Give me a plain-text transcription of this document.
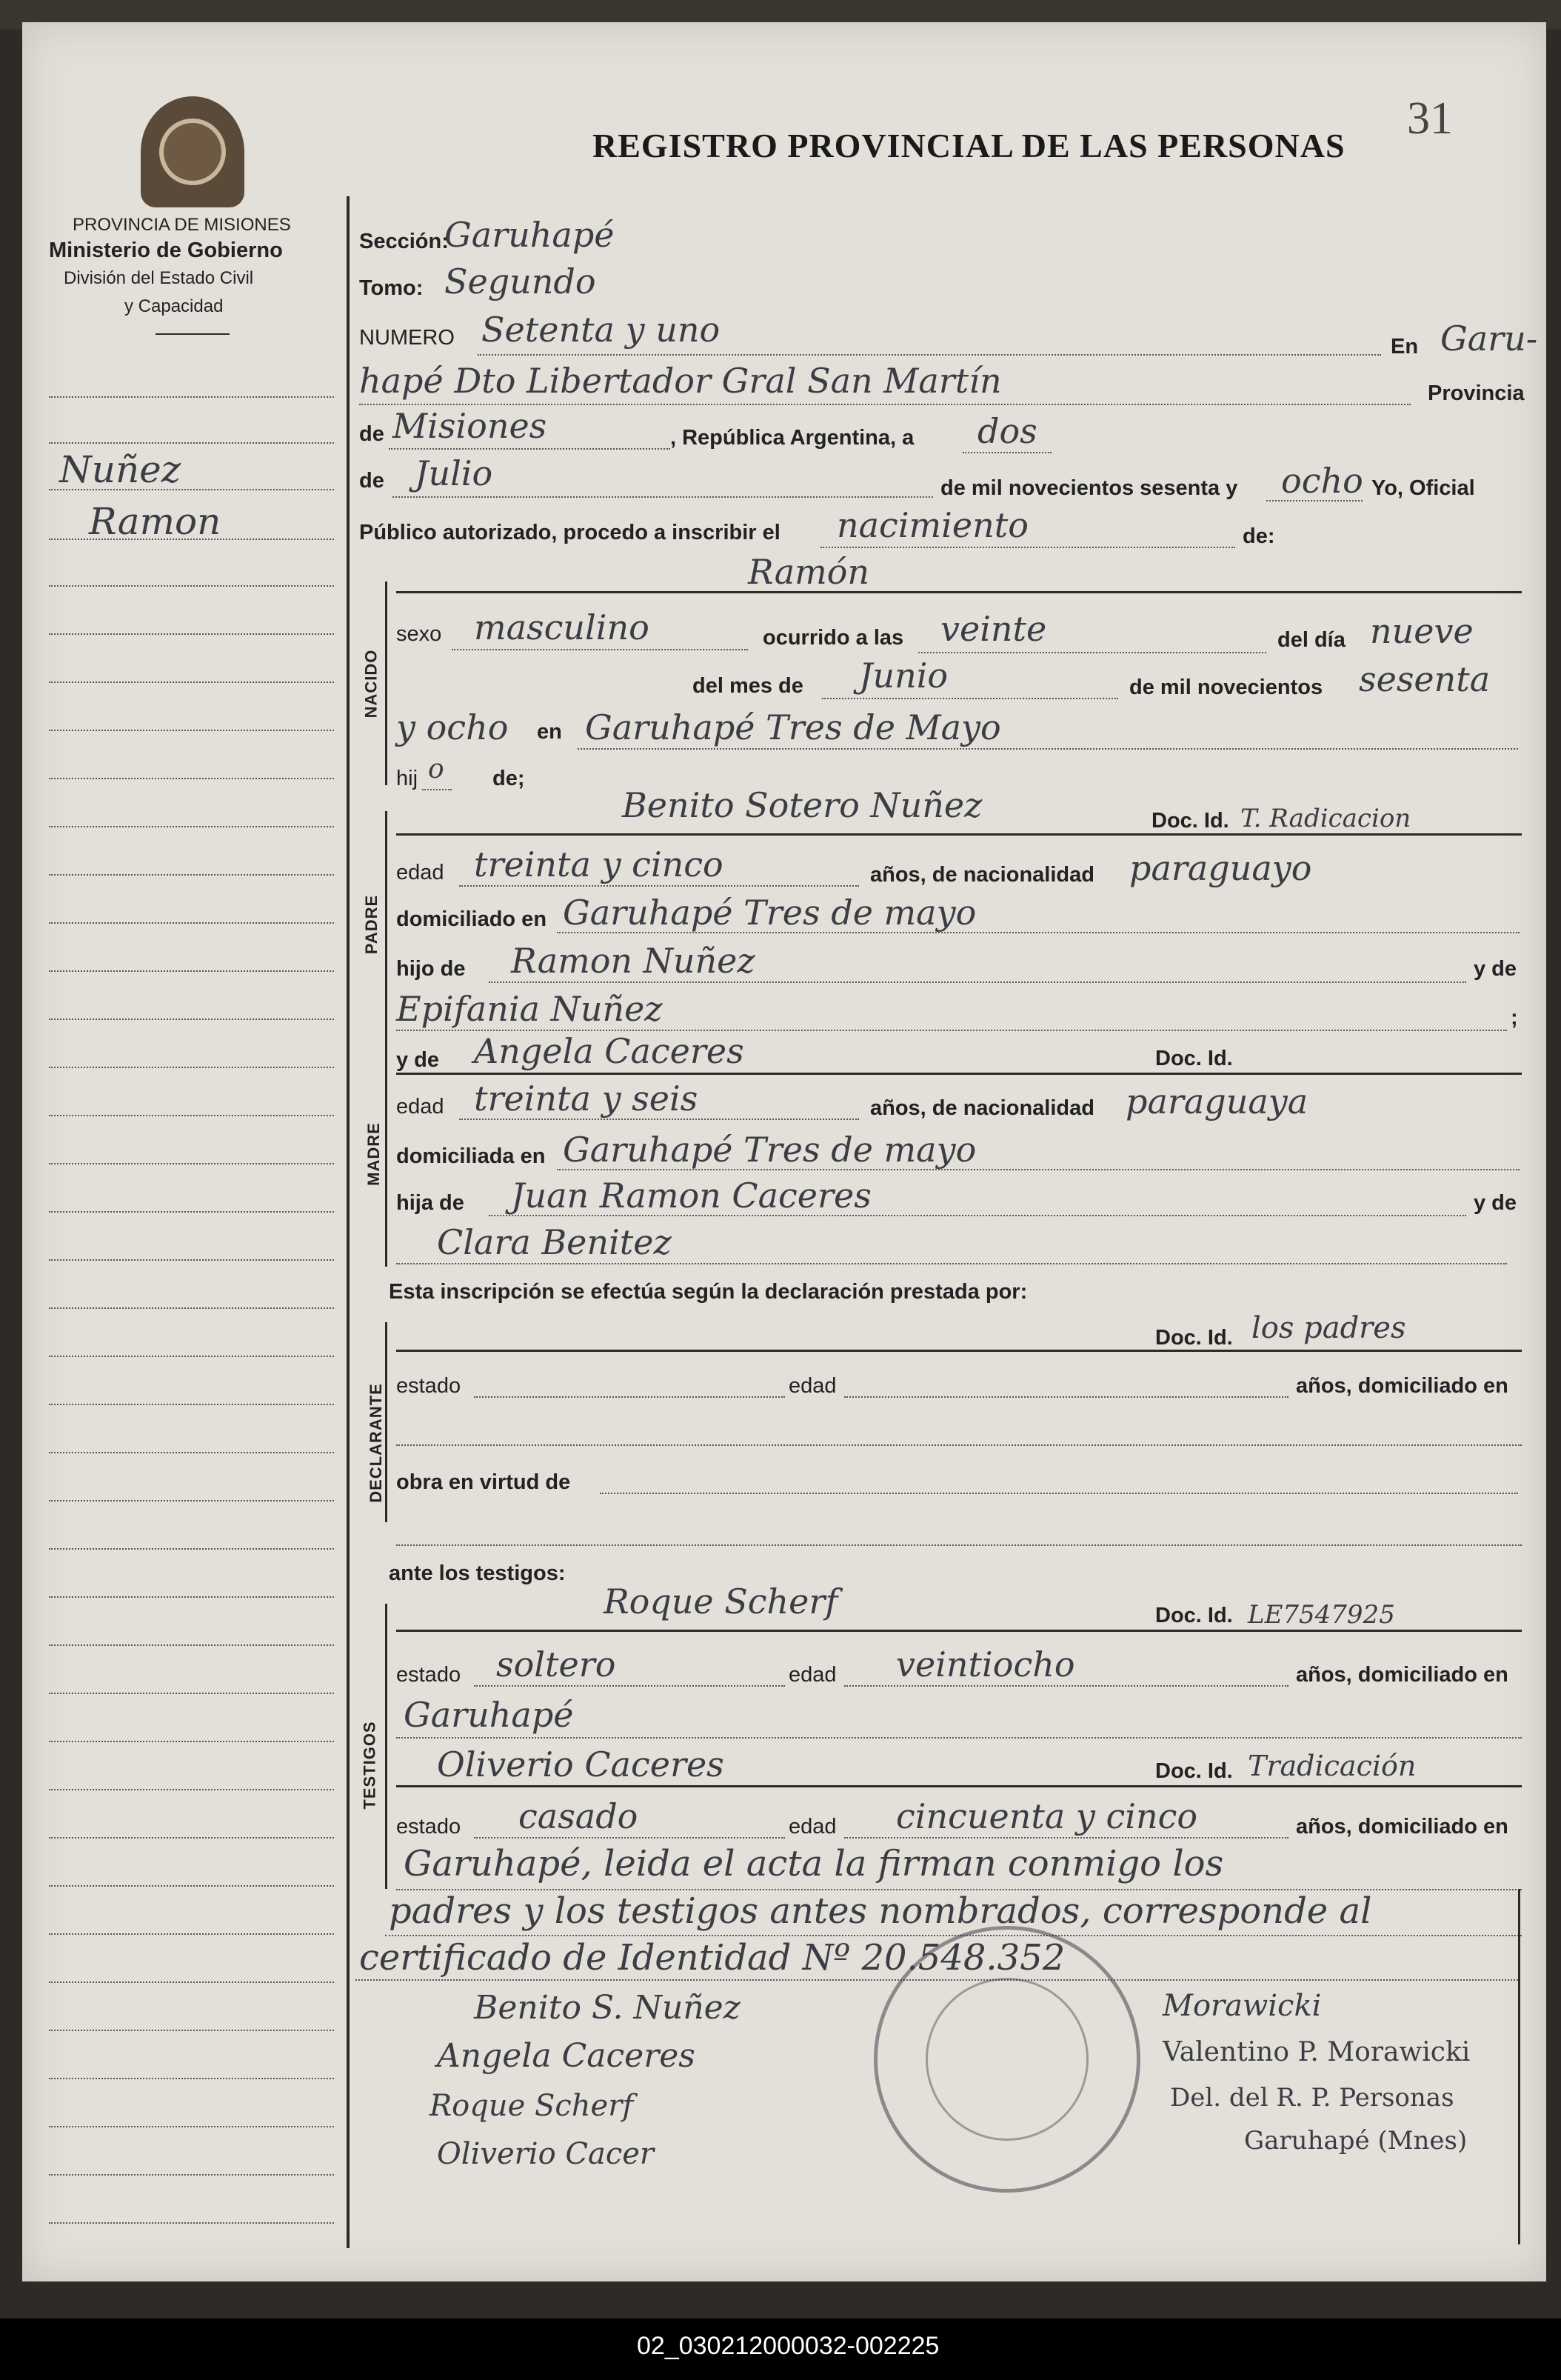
PROVINCIA DE MISIONES
Ministerio de Gobierno
División del Estado Civil
y Capacidad
REGISTRO PROVINCIAL DE LAS PERSONAS
31
Nuñez
Ramon
Sección:
Garuhapé
Tomo: Segundo
NUMERO Setenta y uno	En Garu-
hapé Dto Libertador Gral San Martín	Provincia
de Misiones	, República Argentina, a dos
de Julio	de mil novecientos sesenta y ocho Yo, Oficial
Público autorizado, procedo a inscribir el nacimiento	de:
NACIDO
Ramón
sexo masculino	ocurrido a las veinte	del día nueve
del mes de Junio	de mil novecientos sesenta
y ocho en Garuhapé Tres de Mayo
hij o de;
PADRE
Benito Sotero Nuñez	Doc. Id. T. Radicacion
edad treinta y cinco	años, de nacionalidad paraguayo
domiciliado en Garuhapé Tres de mayo
hijo de Ramon Nuñez	y de
Epifania Nuñez	;
MADRE
y de Angela Caceres	Doc. Id.
edad treinta y seis	años, de nacionalidad paraguaya
domiciliada en Garuhapé Tres de mayo
hija de Juan Ramon Caceres	y de
Clara Benitez
Esta inscripción se efectúa según la declaración prestada por:
DECLARANTE
Doc. Id. los padres
estado	edad	años, domiciliado en
obra en virtud de
ante los testigos:
TESTIGOS
Roque Scherf	Doc. Id. LE7547925
estado soltero	edad veintiocho	años, domiciliado en
Garuhapé
Oliverio Caceres	Doc. Id. Tradicación
estado casado	edad cincuenta y cinco	años, domiciliado en
Garuhapé, leida el acta la firman conmigo los
padres y los testigos antes nombrados, corresponde al
certificado de Identidad Nº 20.548.352
Benito S. Nuñez
Angela Caceres
Roque Scherf
Oliverio Cacer
Morawicki
Valentino P. Morawicki
Del. del R. P. Personas
Garuhapé (Mnes)
02_030212000032-002225
